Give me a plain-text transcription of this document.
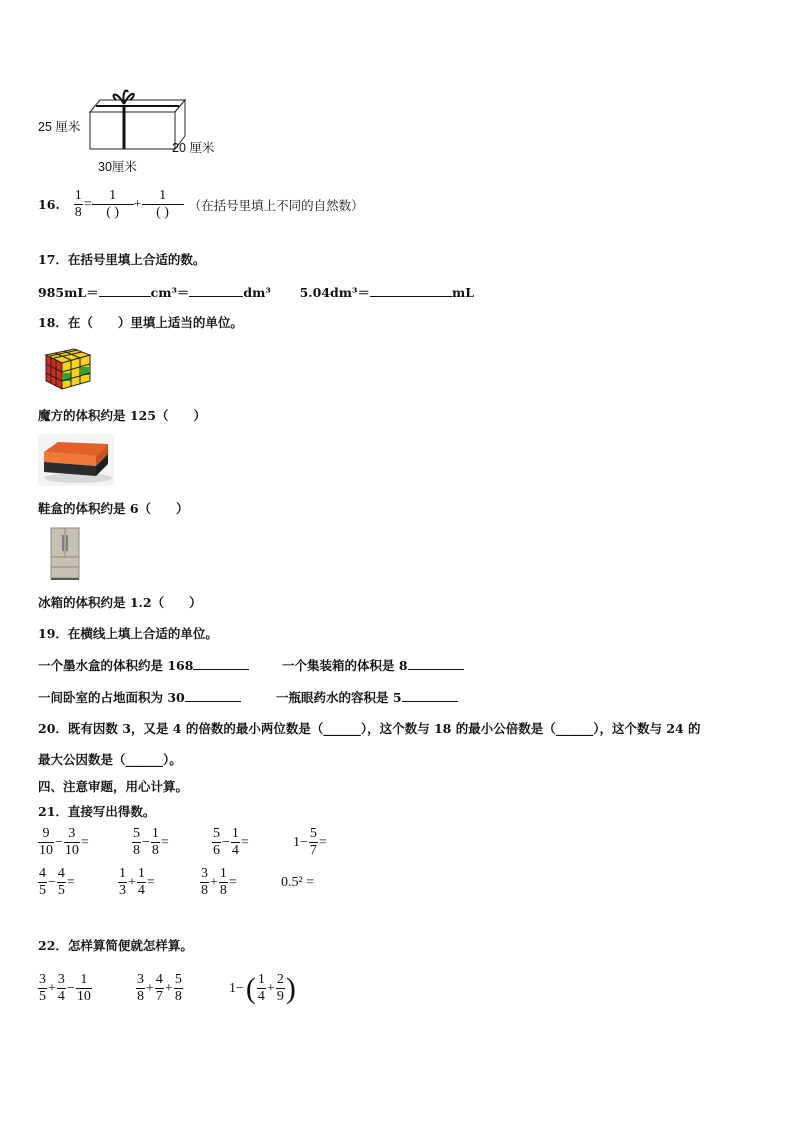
25 厘米
20 厘米
30厘米
16. $\frac{1}{8} = \frac{1}{( )} + \frac{1}{( )}$ （在括号里填上不同的自然数）
17．在括号里填上合适的数。
985mL＝	cm³＝	dm³ 5.04dm³＝	mL
18．在（　　）里填上适当的单位。
魔方的体积约是 125（　　）
鞋盒的体积约是 6（　　）
冰箱的体积约是 1.2（　　）
19．在横线上填上合适的单位。
一个墨水盒的体积约是 168	一个集装箱的体积是 8
一间卧室的占地面积为 30	一瓶眼药水的容积是 5
20．既有因数 3，又是 4 的倍数的最小两位数是（______），这个数与 18 的最小公倍数是（______），这个数与 24 的
最大公因数是（______）。
四、注意审题，用心计算。
21．直接写出得数。
$\frac{9}{10} - \frac{3}{10}$ =	$\frac{5}{8} - \frac{1}{8}$ =	$\frac{5}{6} - \frac{1}{4}$ =	$1- \frac{5}{7}$ =
$\frac{4}{5} - \frac{4}{5}$ =	$\frac{1}{3} + \frac{1}{4}$ =	$\frac{3}{8} + \frac{1}{8}$ =	0.5² =
22．怎样算简便就怎样算。
$\frac{3}{5} + \frac{3}{4} - \frac{1}{10}$	$\frac{3}{8} + \frac{4}{7} + \frac{5}{8}$	1− ( $\frac{1}{4} + \frac{2}{9}$ )
